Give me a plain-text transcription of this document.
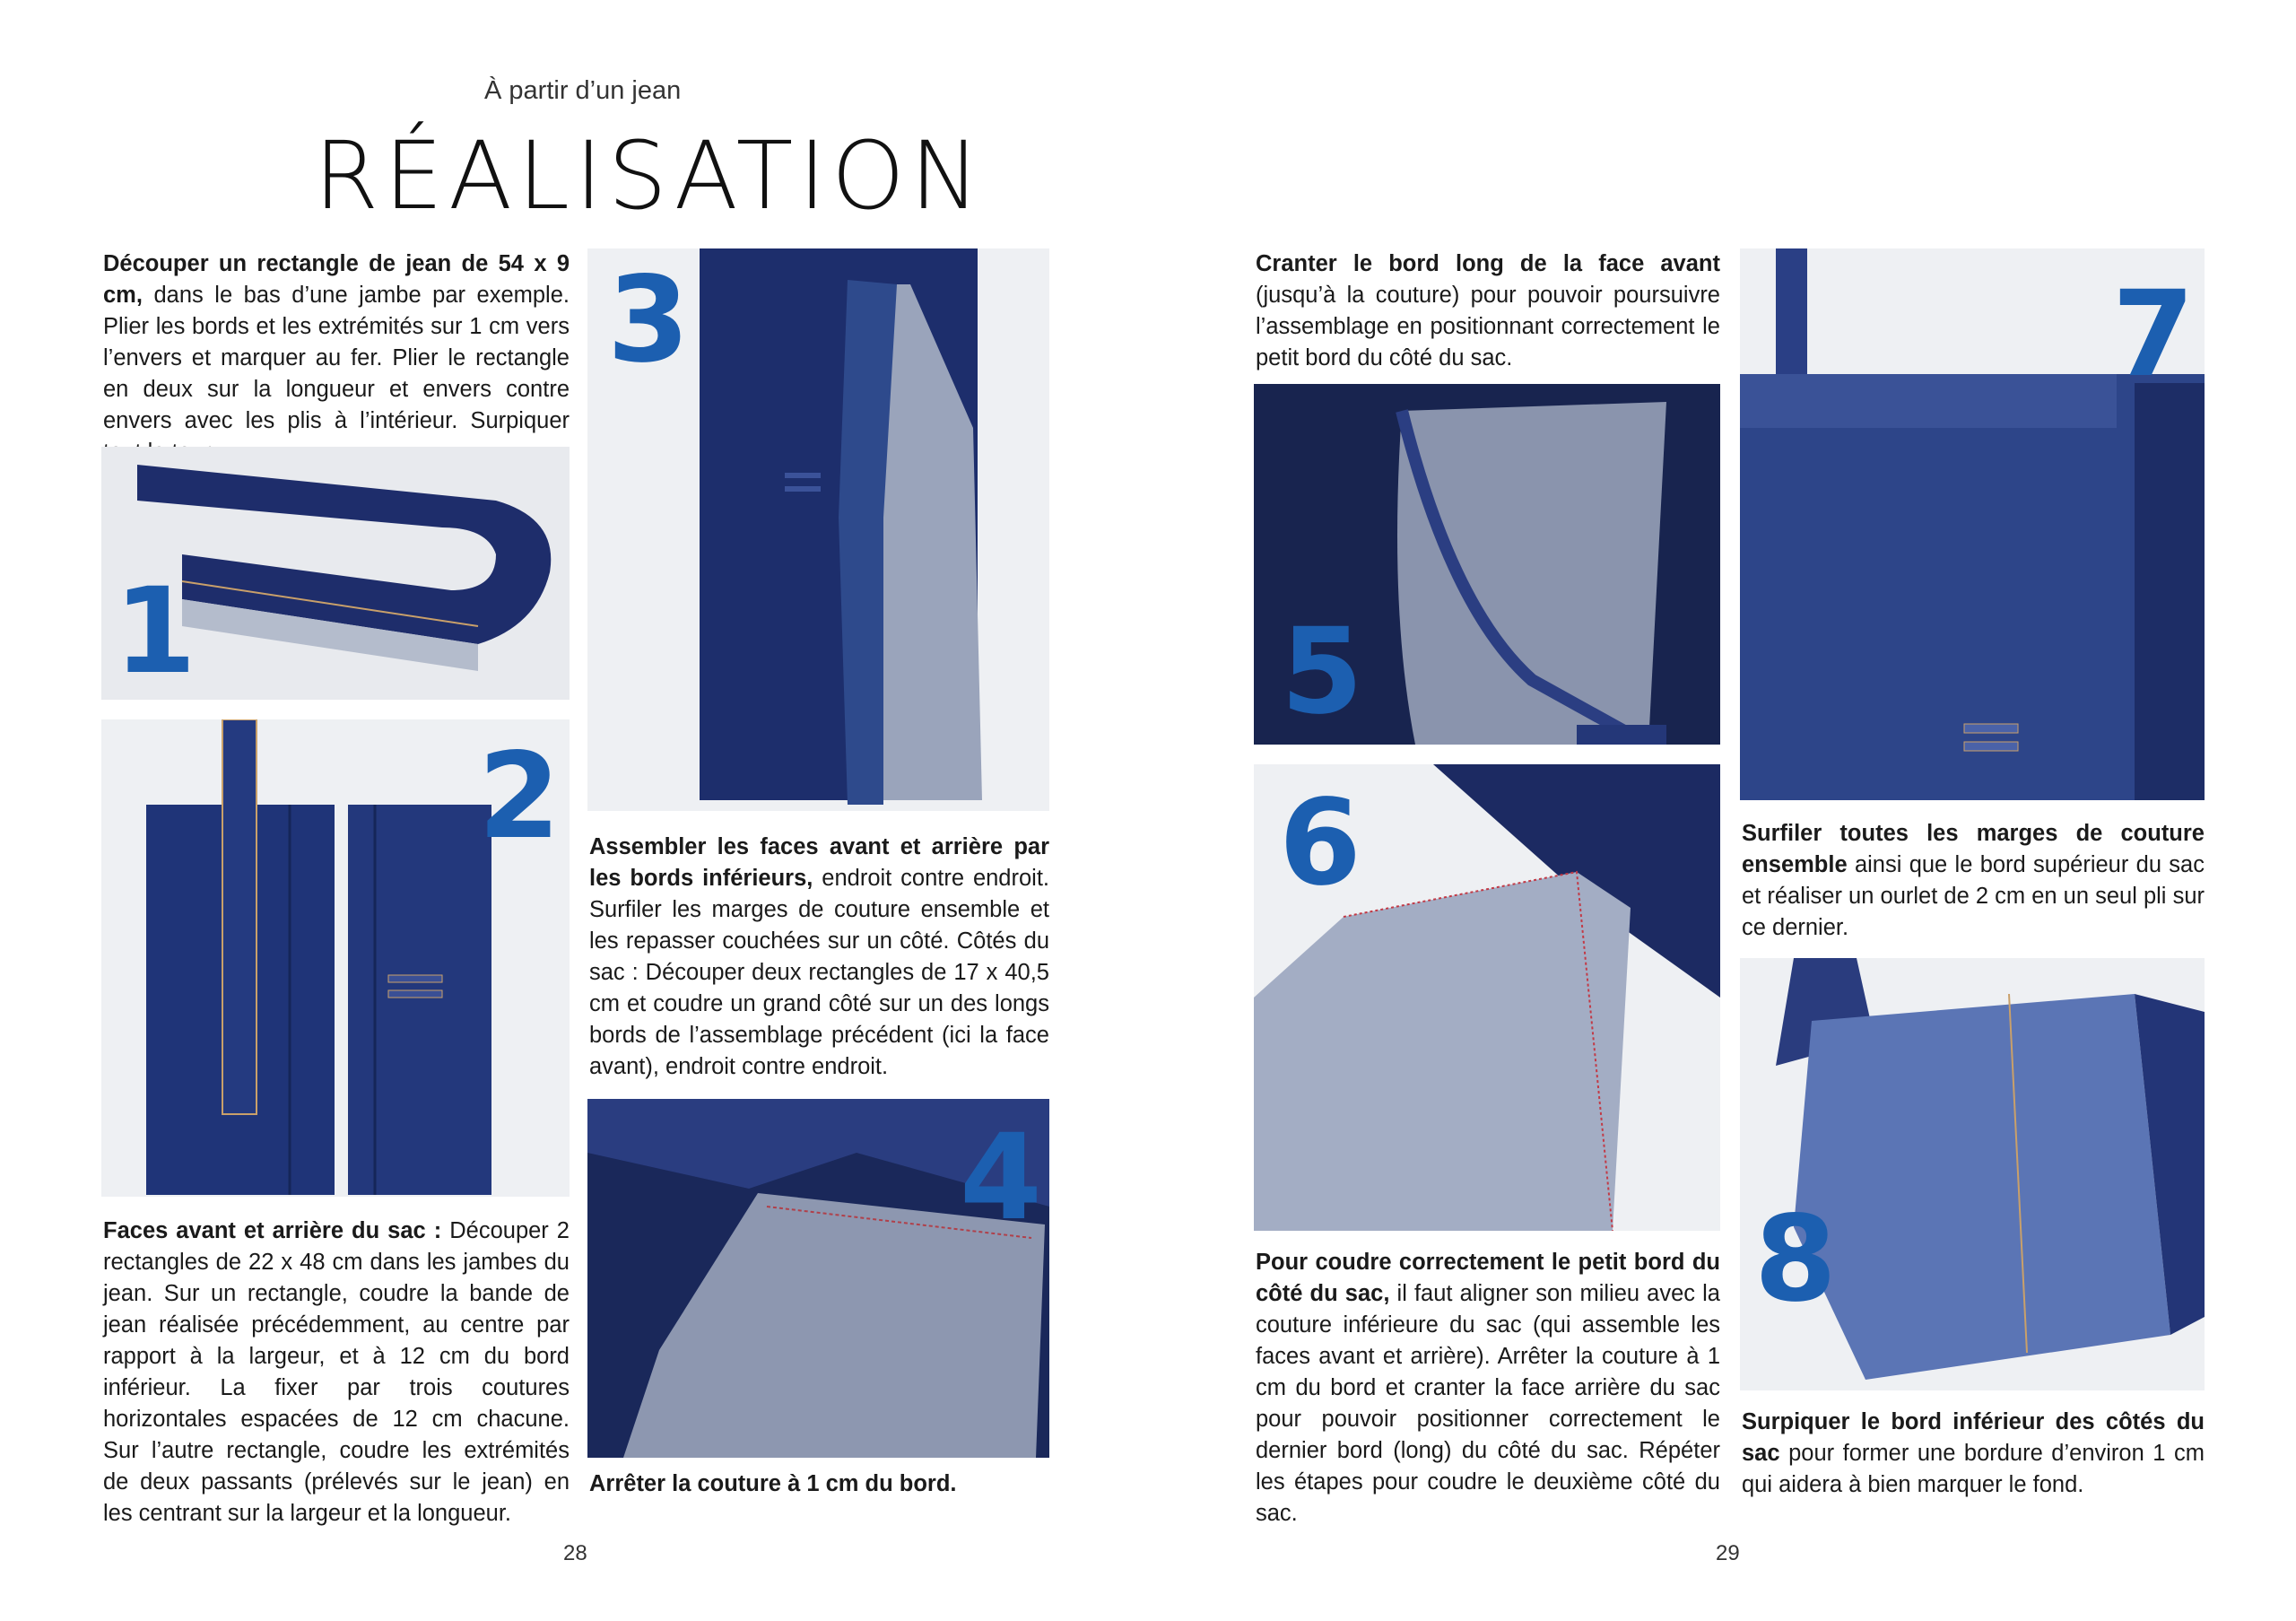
À partir d’un jean
RÉALISATION
Découper un rectangle de jean de 54 x 9 cm, dans le bas d’une jambe par exemple. Plier les bords et les extrémités sur 1 cm vers l’envers et marquer au fer. Plier le rectangle en deux sur la longueur et envers contre envers avec les plis à l’intérieur. Surpiquer
1
2
Faces avant et arrière du sac : Découper 2 rectangles de 22 x 48 cm dans les jambes du jean. Sur un rectangle, coudre la bande de jean réalisée précédemment, au centre par rapport à la largeur, et à 12 cm du bord inférieur. La fixer par trois coutures horizontales espacées de 12 cm chacune. Sur l’autre rectangle, coudre les extrémités de deux passants (prélevés sur le jean) en les centrant sur la largeur et la longueur.
3
Assembler les faces avant et arrière par les bords inférieurs, endroit contre endroit. Surfiler les marges de couture ensemble et les repasser couchées sur un côté. Côtés du sac : Découper deux rectangles de 17 x 40,5 cm et coudre un grand côté sur un des longs bords de l’assemblage précédent (ici la face avant), endroit contre endroit.
4
Arrêter la couture à 1 cm du bord.
28
Cranter le bord long de la face avant (jusqu’à la couture) pour pouvoir poursuivre l’assemblage en positionnant correctement le petit bord du côté du sac.
5
6
Pour coudre correctement le petit bord du côté du sac, il faut aligner son milieu avec la couture inférieure du sac (qui assemble les faces avant et arrière). Arrêter la couture à 1 cm du bord et cranter la face arrière du sac pour pouvoir positionner correctement le dernier bord (long) du côté du sac. Répéter les étapes pour coudre le deuxième côté du sac.
7
Surfiler toutes les marges de couture ensemble ainsi que le bord supérieur du sac et réaliser un ourlet de 2 cm en un seul pli sur ce dernier.
8
Surpiquer le bord inférieur des côtés du sac pour former une bordure d’environ 1 cm qui aidera à bien marquer le fond.
29
